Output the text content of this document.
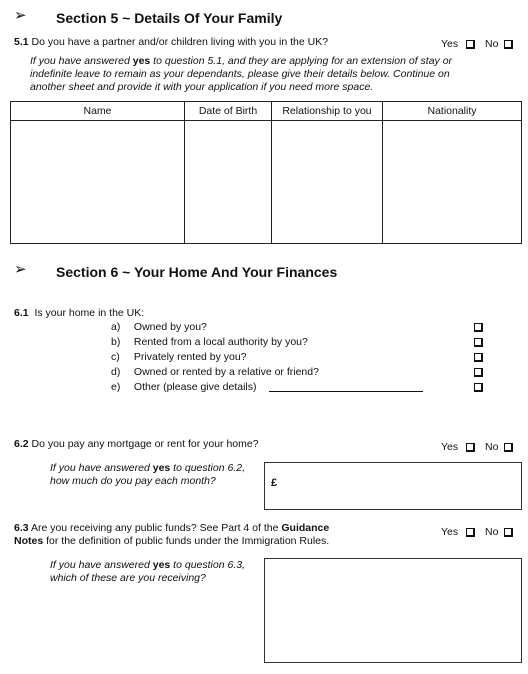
➢ Section 5 ~ Details Of Your Family
5.1 Do you have a partner and/or children living with you in the UK?	Yes	No
If you have answered yes to question 5.1, and they are applying for an extension of stay or indefinite leave to remain as your dependants, please give their details below. Continue on another sheet and provide it with your application if you need more space.
Name	Date of Birth	Relationship to you	Nationality

➢ Section 6 ~ Your Home And Your Finances
6.1 Is your home in the UK:
a) Owned by you?
b) Rented from a local authority by you?
c) Privately rented by you?
d) Owned or rented by a relative or friend?
e) Other (please give details)
6.2 Do you pay any mortgage or rent for your home?	Yes	No
If you have answered yes to question 6.2, how much do you pay each month?	£
6.3 Are you receiving any public funds? See Part 4 of the Guidance
Notes for the definition of public funds under the Immigration Rules.
Yes	No
If you have answered yes to question 6.3, which of these are you receiving?
